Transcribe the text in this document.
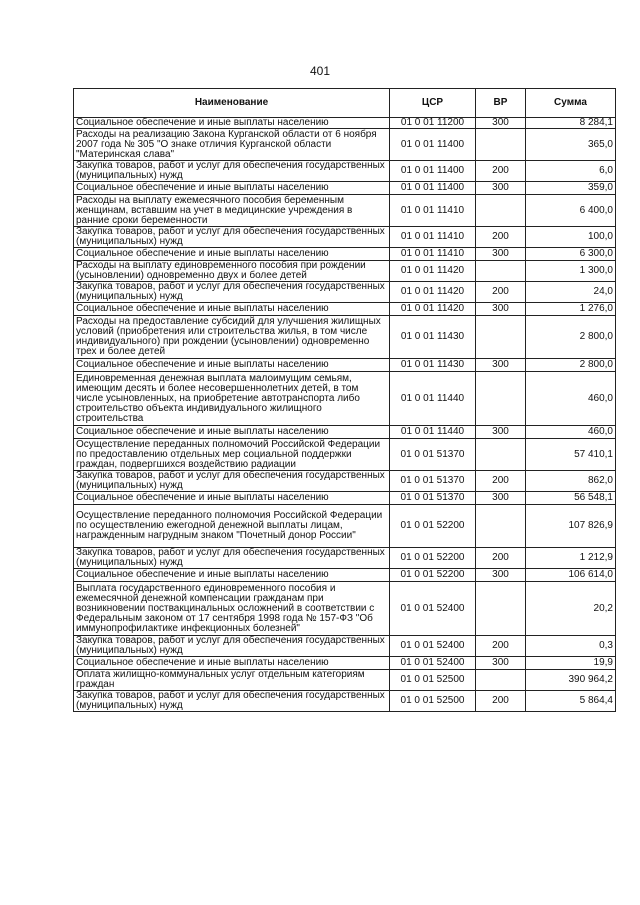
401
Наименование	ЦСР	ВР	Сумма
Социальное обеспечение и иные выплаты населению	01 0 01 11200	300	8 284,1
Расходы на реализацию Закона Курганской области от 6 ноября 2007 года № 305 "О знаке отличия Курганской области "Материнская слава"	01 0 01 11400		365,0
Закупка товаров, работ и услуг для обеспечения государственных (муниципальных) нужд	01 0 01 11400	200	6,0
Социальное обеспечение и иные выплаты населению	01 0 01 11400	300	359,0
Расходы на выплату ежемесячного пособия беременным женщинам, вставшим на учет в медицинские учреждения в ранние сроки беременности	01 0 01 11410		6 400,0
Закупка товаров, работ и услуг для обеспечения государственных (муниципальных) нужд	01 0 01 11410	200	100,0
Социальное обеспечение и иные выплаты населению	01 0 01 11410	300	6 300,0
Расходы на выплату единовременного пособия при рождении (усыновлении) одновременно двух и более детей	01 0 01 11420		1 300,0
Закупка товаров, работ и услуг для обеспечения государственных (муниципальных) нужд	01 0 01 11420	200	24,0
Социальное обеспечение и иные выплаты населению	01 0 01 11420	300	1 276,0
Расходы на предоставление субсидий для улучшения жилищных условий (приобретения или строительства жилья, в том числе индивидуального) при рождении (усыновлении) одновременно трех и более детей	01 0 01 11430		2 800,0
Социальное обеспечение и иные выплаты населению	01 0 01 11430	300	2 800,0
Единовременная денежная выплата малоимущим семьям, имеющим десять и более несовершеннолетних детей, в том числе усыновленных, на приобретение автотранспорта либо строительство объекта индивидуального жилищного строительства	01 0 01 11440		460,0
Социальное обеспечение и иные выплаты населению	01 0 01 11440	300	460,0
Осуществление переданных полномочий Российской Федерации по предоставлению отдельных мер социальной поддержки граждан, подвергшихся воздействию радиации	01 0 01 51370		57 410,1
Закупка товаров, работ и услуг для обеспечения государственных (муниципальных) нужд	01 0 01 51370	200	862,0
Социальное обеспечение и иные выплаты населению	01 0 01 51370	300	56 548,1
Осуществление переданного полномочия Российской Федерации по осуществлению ежегодной денежной выплаты лицам, награжденным нагрудным знаком "Почетный донор России"	01 0 01 52200		107 826,9
Закупка товаров, работ и услуг для обеспечения государственных (муниципальных) нужд	01 0 01 52200	200	1 212,9
Социальное обеспечение и иные выплаты населению	01 0 01 52200	300	106 614,0
Выплата государственного единовременного пособия и ежемесячной денежной компенсации гражданам при возникновении поствакцинальных осложнений в соответствии с Федеральным законом от 17 сентября 1998 года № 157-ФЗ "Об иммунопрофилактике инфекционных болезней"	01 0 01 52400		20,2
Закупка товаров, работ и услуг для обеспечения государственных (муниципальных) нужд	01 0 01 52400	200	0,3
Социальное обеспечение и иные выплаты населению	01 0 01 52400	300	19,9
Оплата жилищно-коммунальных услуг отдельным категориям граждан	01 0 01 52500		390 964,2
Закупка товаров, работ и услуг для обеспечения государственных (муниципальных) нужд	01 0 01 52500	200	5 864,4
